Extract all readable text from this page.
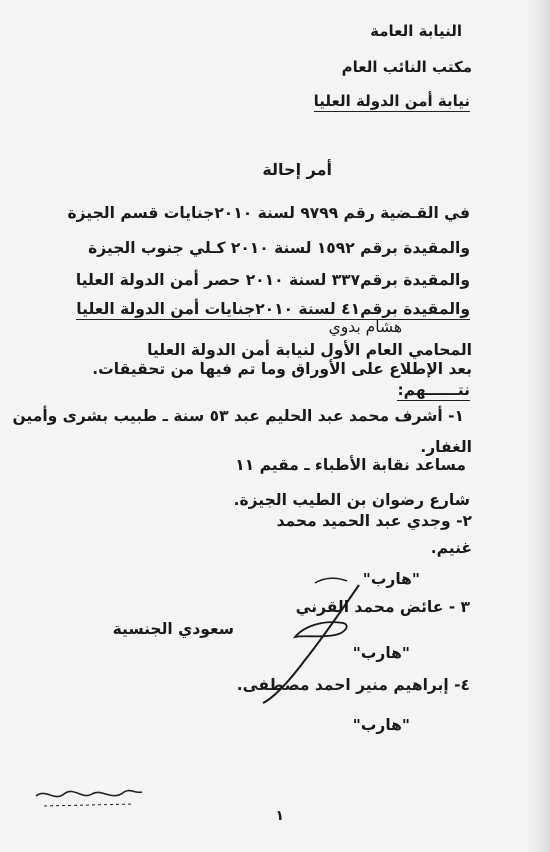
النيابة العامة
مكتب النائب العام
نيابة أمن الدولة العليا
أمر إحالة
في القـضية رقم ٩٧٩٩ لسنة ٢٠١٠جنايات قسم الجيزة
والمقيدة برقم ١٥٩٢ لسنة ٢٠١٠ كـلي جنوب الجيزة
والمقيدة برقم٣٣٧ لسنة ٢٠١٠ حصر أمن الدولة العليا
والمقيدة برقم٤١ لسنة ٢٠١٠جنايات أمن الدولة العليا
هشام بدوي
المحامي العام الأول لنيابة أمن الدولة العليا
بعد الإطلاع على الأوراق وما تم فيها من تحقيقات.
نتــــــهم:
١- أشرف محمد عبد الحليم عبد ٥٣ سنة ـ طبيب بشرى وأمين
الغفار.
مساعد نقابة الأطباء ـ مقيم ١١
شارع رضوان بن الطيب الجيزة.
٢- وجدي عبد الحميد محمد
غنيم.
"هارب"
٣ - عائض محمد القرني
سعودي الجنسية
"هارب"
٤- إبراهيم منير احمد مصطفى.
"هارب"
١
